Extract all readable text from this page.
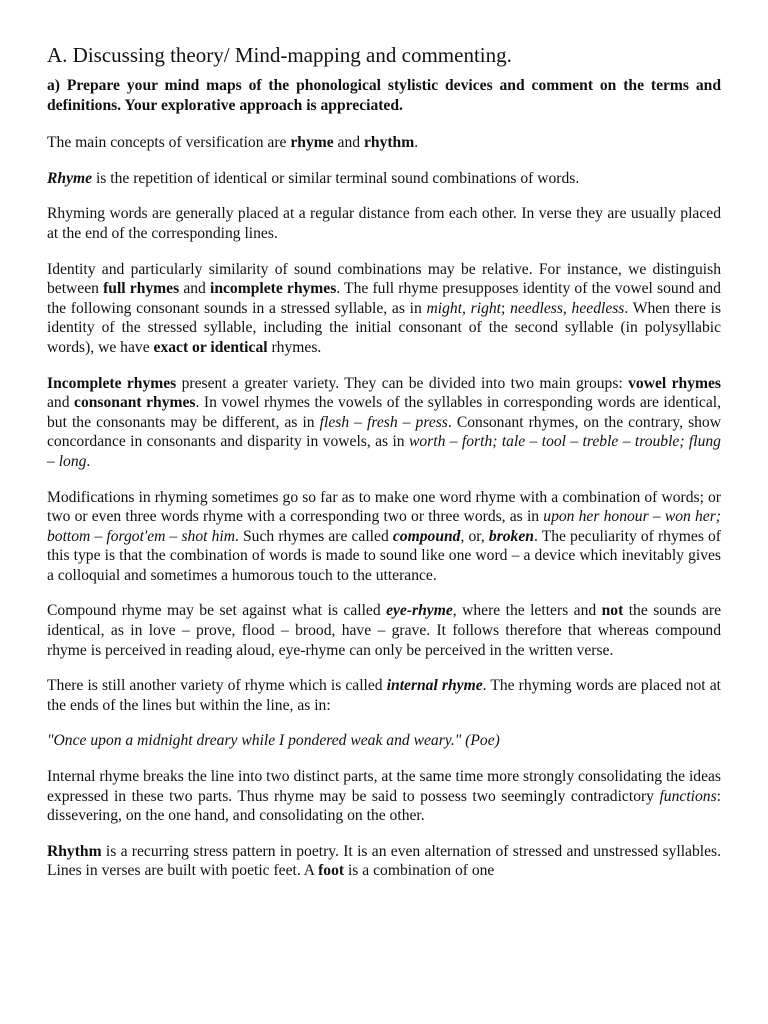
A. Discussing theory/ Mind-mapping and commenting.

a) Prepare your mind maps of the phonological stylistic devices and comment on the terms and definitions. Your explorative approach is appreciated.

The main concepts of versification are rhyme and rhythm.

Rhyme is the repetition of identical or similar terminal sound combinations of words.

Rhyming words are generally placed at a regular distance from each other. In verse they are usually placed at the end of the corresponding lines.

Identity and particularly similarity of sound combinations may be relative. For instance, we distinguish between full rhymes and incomplete rhymes. The full rhyme presupposes identity of the vowel sound and the following consonant sounds in a stressed syllable, as in might, right; needless, heedless. When there is identity of the stressed syllable, including the initial consonant of the second syllable (in polysyllabic words), we have exact or identical rhymes.

Incomplete rhymes present a greater variety. They can be divided into two main groups: vowel rhymes and consonant rhymes. In vowel rhymes the vowels of the syllables in corresponding words are identical, but the consonants may be different, as in flesh – fresh – press. Consonant rhymes, on the contrary, show concordance in consonants and disparity in vowels, as in worth – forth; tale – tool – treble – trouble; flung – long.

Modifications in rhyming sometimes go so far as to make one word rhyme with a combination of words; or two or even three words rhyme with a corresponding two or three words, as in upon her honour – won her; bottom – forgot'em – shot him. Such rhymes are called compound, or, broken. The peculiarity of rhymes of this type is that the combination of words is made to sound like one word – a device which inevitably gives a colloquial and sometimes a humorous touch to the utterance.

Compound rhyme may be set against what is called eye-rhyme, where the letters and not the sounds are identical, as in love – prove, flood – brood, have – grave. It follows therefore that whereas compound rhyme is perceived in reading aloud, eye-rhyme can only be perceived in the written verse.

There is still another variety of rhyme which is called internal rhyme. The rhyming words are placed not at the ends of the lines but within the line, as in:

"Once upon a midnight dreary while I pondered weak and weary." (Poe)

Internal rhyme breaks the line into two distinct parts, at the same time more strongly consolidating the ideas expressed in these two parts. Thus rhyme may be said to possess two seemingly contradictory functions: dissevering, on the one hand, and consolidating on the other.

Rhythm is a recurring stress pattern in poetry. It is an even alternation of stressed and unstressed syllables. Lines in verses are built with poetic feet. A foot is a combination of one
